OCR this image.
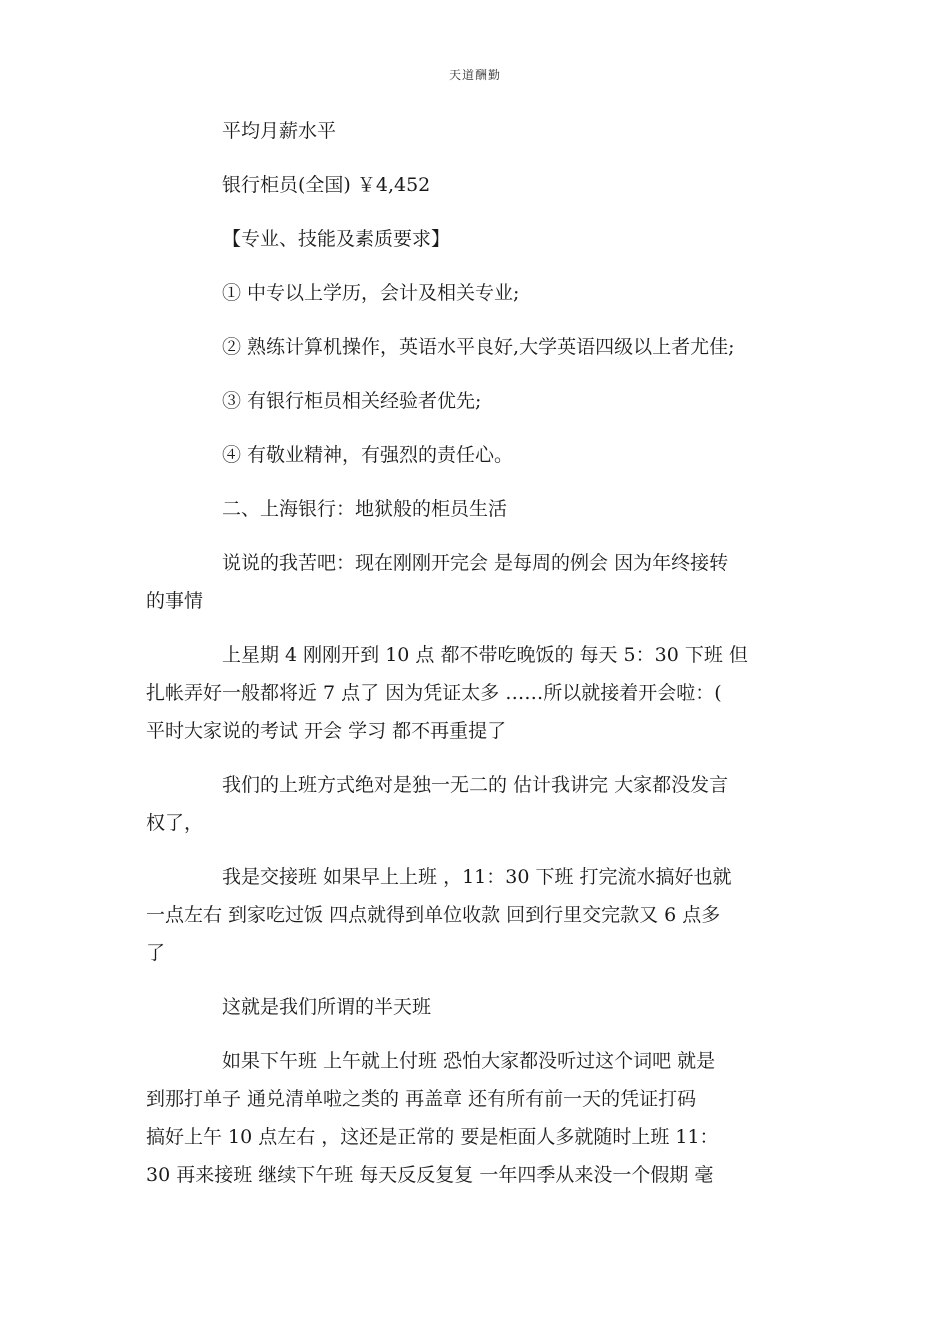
天道酬勤

平均月薪水平

银行柜员(全国) ￥4,452

【专业、技能及素质要求】

① 中专以上学历，会计及相关专业;

② 熟练计算机操作，英语水平良好,大学英语四级以上者尤佳;

③ 有银行柜员相关经验者优先;

④ 有敬业精神，有强烈的责任心。

二、上海银行：地狱般的柜员生活

说说的我苦吧：现在刚刚开完会 是每周的例会 因为年终接转
的事情

上星期 4 刚刚开到 10 点 都不带吃晚饭的 每天 5：30 下班 但
扎帐弄好一般都将近 7 点了 因为凭证太多 ……所以就接着开会啦：(
平时大家说的考试 开会 学习 都不再重提了

我们的上班方式绝对是独一无二的 估计我讲完 大家都没发言
权了，

我是交接班 如果早上上班 ，11：30 下班 打完流水搞好也就
一点左右 到家吃过饭 四点就得到单位收款 回到行里交完款又 6 点多
了

这就是我们所谓的半天班

如果下午班 上午就上付班 恐怕大家都没听过这个词吧 就是
到那打单子 通兑清单啦之类的 再盖章 还有所有前一天的凭证打码
搞好上午 10 点左右 ，这还是正常的 要是柜面人多就随时上班 11：
30 再来接班 继续下午班 每天反反复复 一年四季从来没一个假期 毫
